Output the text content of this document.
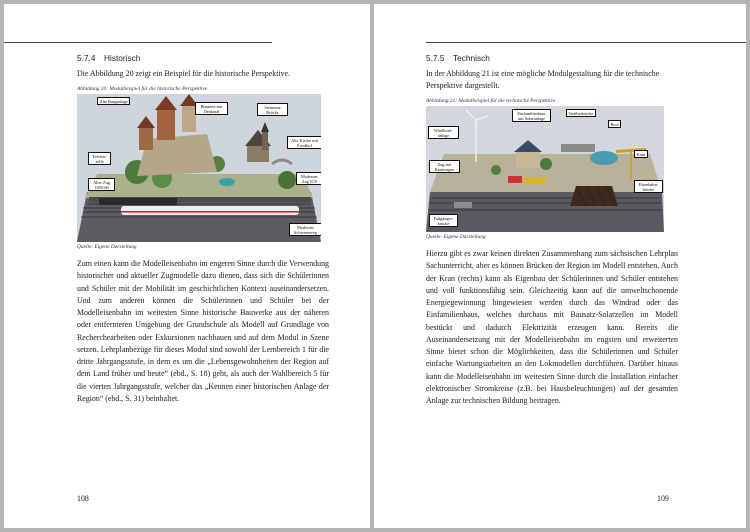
5.7.4 Historisch
Die Abbildung 20 zeigt ein Beispiel für die historische Perspektive.
Abbildung 20: Modulbeispiel für die historische Perspektive
Alte Burganlage
Brunnen mit Denkmal
Steinerne Brücke
Alte Kirche mit Friedhof
Telefon-zelle
Alter Zug 1850-60
Moderner Zug ICE
Moderner Schienenweg
Quelle: Eigene Darstellung

Zum einen kann die Modelleisenbahn im engeren Sinne durch die Verwendung historischer und aktueller Zugmodelle dazu dienen, dass sich die Schülerinnen und Schüler mit der Mobilität im geschichtlichen Kontext auseinandersetzen. Und zum anderen können die Schülerinnen und Schüler bei der Modelleisenbahn im weitesten Sinne historische Bauwerke aus der näheren oder entfernteren Umgebung der Grundschule als Modell auf Grundlage von Recherchearbeiten oder Exkursionen nachbauen und auf dem Modul in Szene setzen. Lehrplanbezüge für dieses Modul sind sowohl der Lernbereich 1 für die dritte Jahrgangsstufe, in dem es um die „Lebensgewohnheiten der Region auf dem Land früher und heute“ (ebd., S. 18) geht, als auch der Wahlbereich 5 für die vierten Jahrgangsstufe, welcher das „Kennen einer historischen Anlage der Region“ (ebd., S. 31) beinhaltet.

108
5.7.5 Technisch
In der Abbildung 21 ist eine mögliche Modulgestaltung für die technische Perspektive dargestellt.
Abbildung 21: Modulbeispiel für die technische Perspektive
Windkraft-anlage
Einfamilienhaus mit Solaranlage
Straßenbrücke
Boot
Kran
Eisenbahn-brücke
Zug mit Kranwagen
Fußgänger-brücke
Quelle: Eigene Darstellung

Hierzu gibt es zwar keinen direkten Zusammenhang zum sächsischen Lehrplan Sachunterricht, aber es können Brücken der Region im Modell entstehen. Auch der Kran (rechts) kann als Eigenbau der Schülerinnen und Schüler entstehen und voll funktionsfähig sein. Gleichzeitig kann auf die umweltschonende Energiegewinnung hingewiesen werden durch das Windrad oder das Einfamilienhaus, welches durchaus mit Bausatz-Solarzellen im Modell bestückt und dadurch Elektrizität erzeugen kann. Bereits die Auseinandersetzung mit der Modelleisenbahn im engsten und erweiterten Sinne bietet schon die Möglichkeiten, dass die Schülerinnen und Schüler einfache Wartungsarbeiten an den Lokmodellen durchführen. Darüber hinaus kann die Modelleisenbahn im weitesten Sinne durch die Installation einfacher elektronischer Stromkreise (z.B. bei Hausbeleuchtungen) auf der gesamten Anlage zur technischen Bildung beitragen.

109
